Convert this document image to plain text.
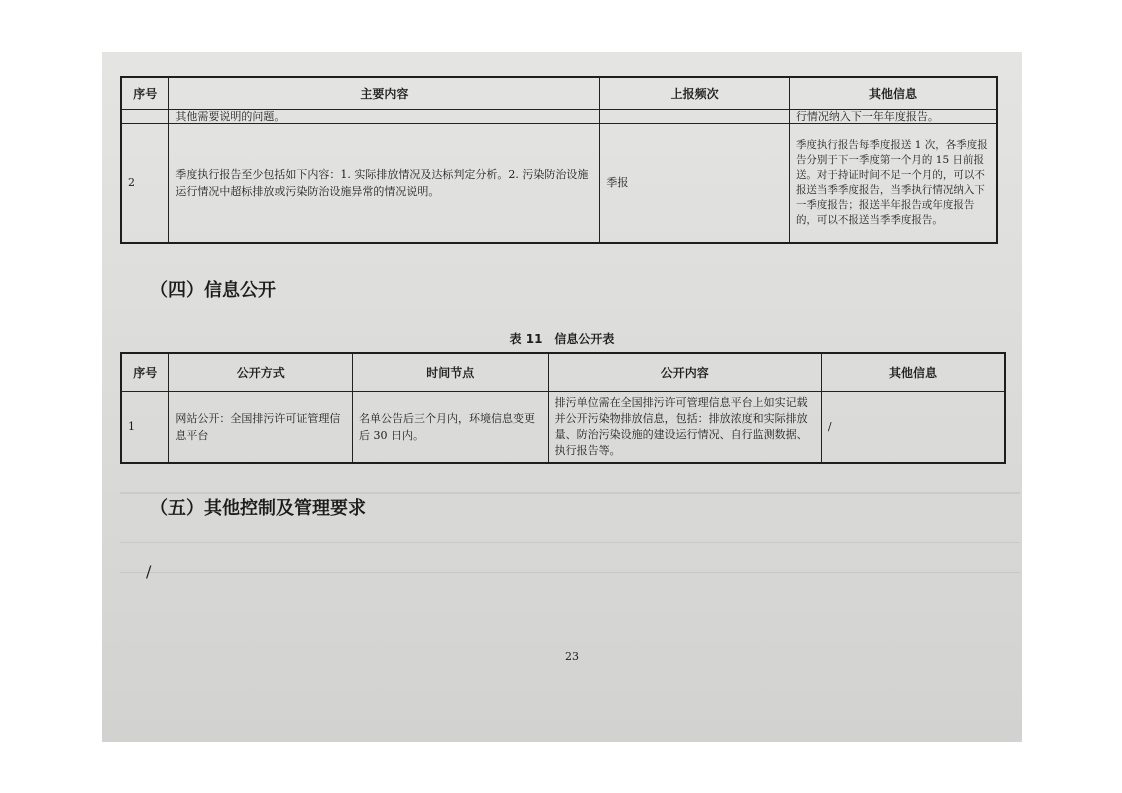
序号	主要内容	上报频次	其他信息
	其他需要说明的问题。		行情况纳入下一年年度报告。
2	季度执行报告至少包括如下内容：1. 实际排放情况及达标判定分析。2. 污染防治设施运行情况中超标排放或污染防治设施异常的情况说明。	季报	季度执行报告每季度报送 1 次，各季度报告分别于下一季度第一个月的 15 日前报送。对于持证时间不足一个月的，可以不报送当季季度报告，当季执行情况纳入下一季度报告；报送半年报告或年度报告的，可以不报送当季季度报告。
（四）信息公开
表 11　信息公开表
序号	公开方式	时间节点	公开内容	其他信息
1	网站公开：全国排污许可证管理信息平台	名单公告后三个月内，环境信息变更后 30 日内。	排污单位需在全国排污许可管理信息平台上如实记载并公开污染物排放信息，包括：排放浓度和实际排放量、防治污染设施的建设运行情况、自行监测数据、执行报告等。	/
（五）其他控制及管理要求
/
23
